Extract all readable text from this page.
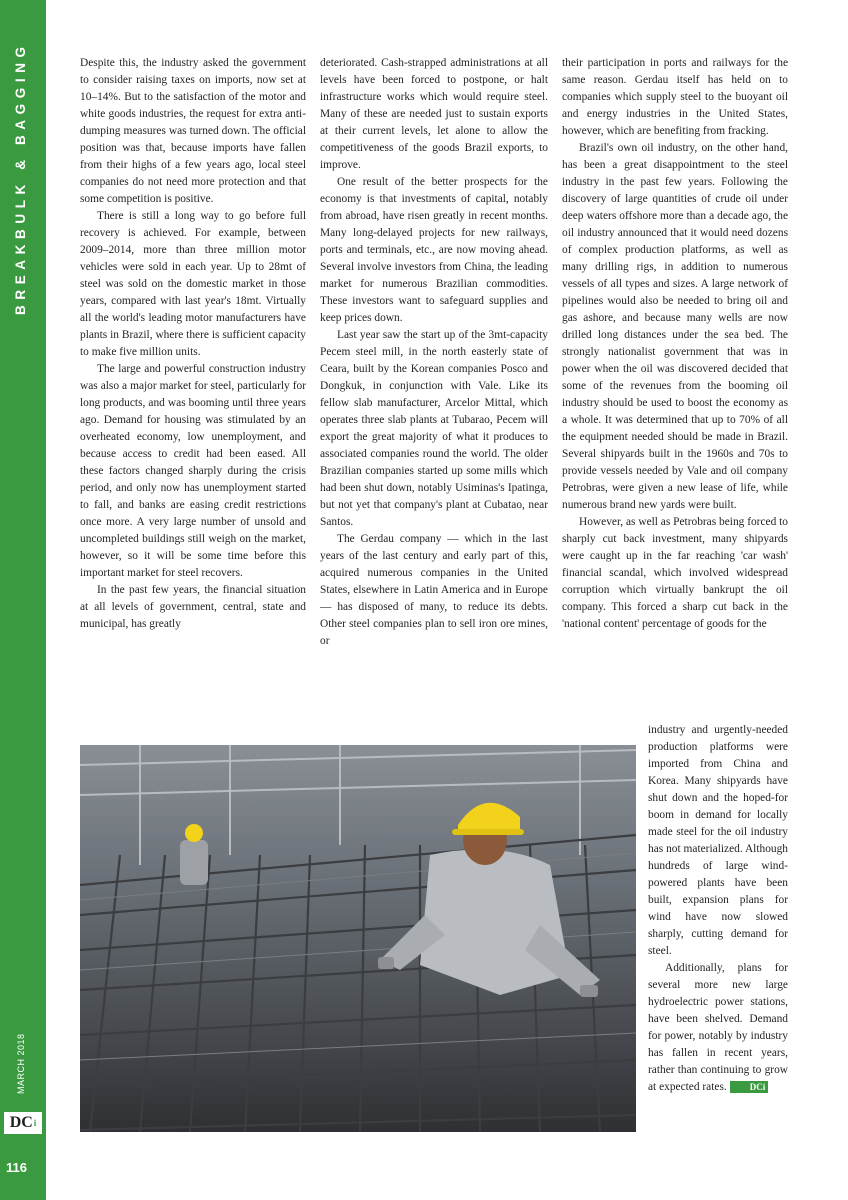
BREAKBULK & BAGGING
MARCH 2018
DC i
116

Despite this, the industry asked the government to consider raising taxes on imports, now set at 10–14%. But to the satisfaction of the motor and white goods industries, the request for extra anti-dumping measures was turned down. The official position was that, because imports have fallen from their highs of a few years ago, local steel companies do not need more protection and that some competition is positive.

There is still a long way to go before full recovery is achieved. For example, between 2009–2014, more than three million motor vehicles were sold in each year. Up to 28mt of steel was sold on the domestic market in those years, compared with last year's 18mt. Virtually all the world's leading motor manufacturers have plants in Brazil, where there is sufficient capacity to make five million units.

The large and powerful construction industry was also a major market for steel, particularly for long products, and was booming until three years ago. Demand for housing was stimulated by an overheated economy, low unemployment, and because access to credit had been eased. All these factors changed sharply during the crisis period, and only now has unemployment started to fall, and banks are easing credit restrictions once more. A very large number of unsold and uncompleted buildings still weigh on the market, however, so it will be some time before this important market for steel recovers.

In the past few years, the financial situation at all levels of government, central, state and municipal, has greatly

deteriorated. Cash-strapped administrations at all levels have been forced to postpone, or halt infrastructure works which would require steel. Many of these are needed just to sustain exports at their current levels, let alone to allow the competitiveness of the goods Brazil exports, to improve.

One result of the better prospects for the economy is that investments of capital, notably from abroad, have risen greatly in recent months. Many long-delayed projects for new railways, ports and terminals, etc., are now moving ahead. Several involve investors from China, the leading market for numerous Brazilian commodities. These investors want to safeguard supplies and keep prices down.

Last year saw the start up of the 3mt-capacity Pecem steel mill, in the north easterly state of Ceara, built by the Korean companies Posco and Dongkuk, in conjunction with Vale. Like its fellow slab manufacturer, Arcelor Mittal, which operates three slab plants at Tubarao, Pecem will export the great majority of what it produces to associated companies round the world. The older Brazilian companies started up some mills which had been shut down, notably Usiminas's Ipatinga, but not yet that company's plant at Cubatao, near Santos.

The Gerdau company — which in the last years of the last century and early part of this, acquired numerous companies in the United States, elsewhere in Latin America and in Europe — has disposed of many, to reduce its debts. Other steel companies plan to sell iron ore mines, or

their participation in ports and railways for the same reason. Gerdau itself has held on to companies which supply steel to the buoyant oil and energy industries in the United States, however, which are benefiting from fracking.

Brazil's own oil industry, on the other hand, has been a great disappointment to the steel industry in the past few years. Following the discovery of large quantities of crude oil under deep waters offshore more than a decade ago, the oil industry announced that it would need dozens of complex production platforms, as well as many drilling rigs, in addition to numerous vessels of all types and sizes. A large network of pipelines would also be needed to bring oil and gas ashore, and because many wells are now drilled long distances under the sea bed. The strongly nationalist government that was in power when the oil was discovered decided that some of the revenues from the booming oil industry should be used to boost the economy as a whole. It was determined that up to 70% of all the equipment needed should be made in Brazil. Several shipyards built in the 1960s and 70s to provide vessels needed by Vale and oil company Petrobras, were given a new lease of life, while numerous brand new yards were built.

However, as well as Petrobras being forced to sharply cut back investment, many shipyards were caught up in the far reaching 'car wash' financial scandal, which involved widespread corruption which virtually bankrupt the oil company. This forced a sharp cut back in the 'national content' percentage of goods for the

industry and urgently-needed production platforms were imported from China and Korea. Many shipyards have shut down and the hoped-for boom in demand for locally made steel for the oil industry has not materialized. Although hundreds of large wind-powered plants have been built, expansion plans for wind have now slowed sharply, cutting demand for steel.

Additionally, plans for several more new large hydroelectric power stations, have been shelved. Demand for power, notably by industry has fallen in recent years, rather than continuing to grow at expected rates.	DCi
